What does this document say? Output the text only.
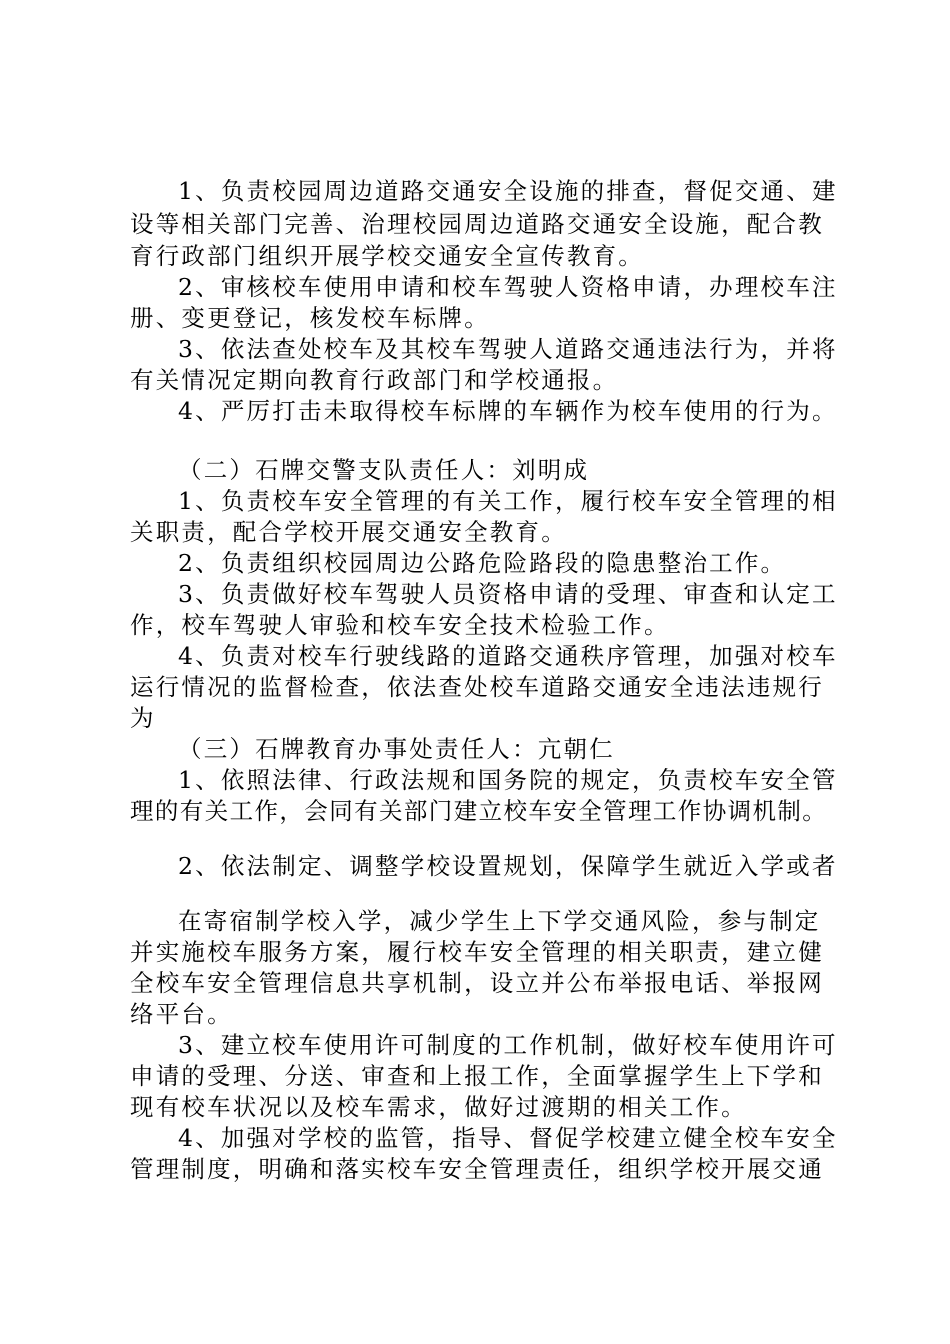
1、负责校园周边道路交通安全设施的排查，督促交通、建
设等相关部门完善、治理校园周边道路交通安全设施，配合教
育行政部门组织开展学校交通安全宣传教育。
2、审核校车使用申请和校车驾驶人资格申请，办理校车注
册、变更登记，核发校车标牌。
3、依法查处校车及其校车驾驶人道路交通违法行为，并将
有关情况定期向教育行政部门和学校通报。
4、严厉打击未取得校车标牌的车辆作为校车使用的行为。
（二）石牌交警支队责任人：刘明成
1、负责校车安全管理的有关工作，履行校车安全管理的相
关职责，配合学校开展交通安全教育。
2、负责组织校园周边公路危险路段的隐患整治工作。
3、负责做好校车驾驶人员资格申请的受理、审查和认定工
作，校车驾驶人审验和校车安全技术检验工作。
4、负责对校车行驶线路的道路交通秩序管理，加强对校车
运行情况的监督检查，依法查处校车道路交通安全违法违规行
为
（三）石牌教育办事处责任人：亢朝仁
1、依照法律、行政法规和国务院的规定，负责校车安全管
理的有关工作，会同有关部门建立校车安全管理工作协调机制。
2、依法制定、调整学校设置规划，保障学生就近入学或者
在寄宿制学校入学，减少学生上下学交通风险，参与制定
并实施校车服务方案，履行校车安全管理的相关职责，建立健
全校车安全管理信息共享机制，设立并公布举报电话、举报网
络平台。
3、建立校车使用许可制度的工作机制，做好校车使用许可
申请的受理、分送、审查和上报工作，全面掌握学生上下学和
现有校车状况以及校车需求，做好过渡期的相关工作。
4、加强对学校的监管，指导、督促学校建立健全校车安全
管理制度，明确和落实校车安全管理责任，组织学校开展交通
